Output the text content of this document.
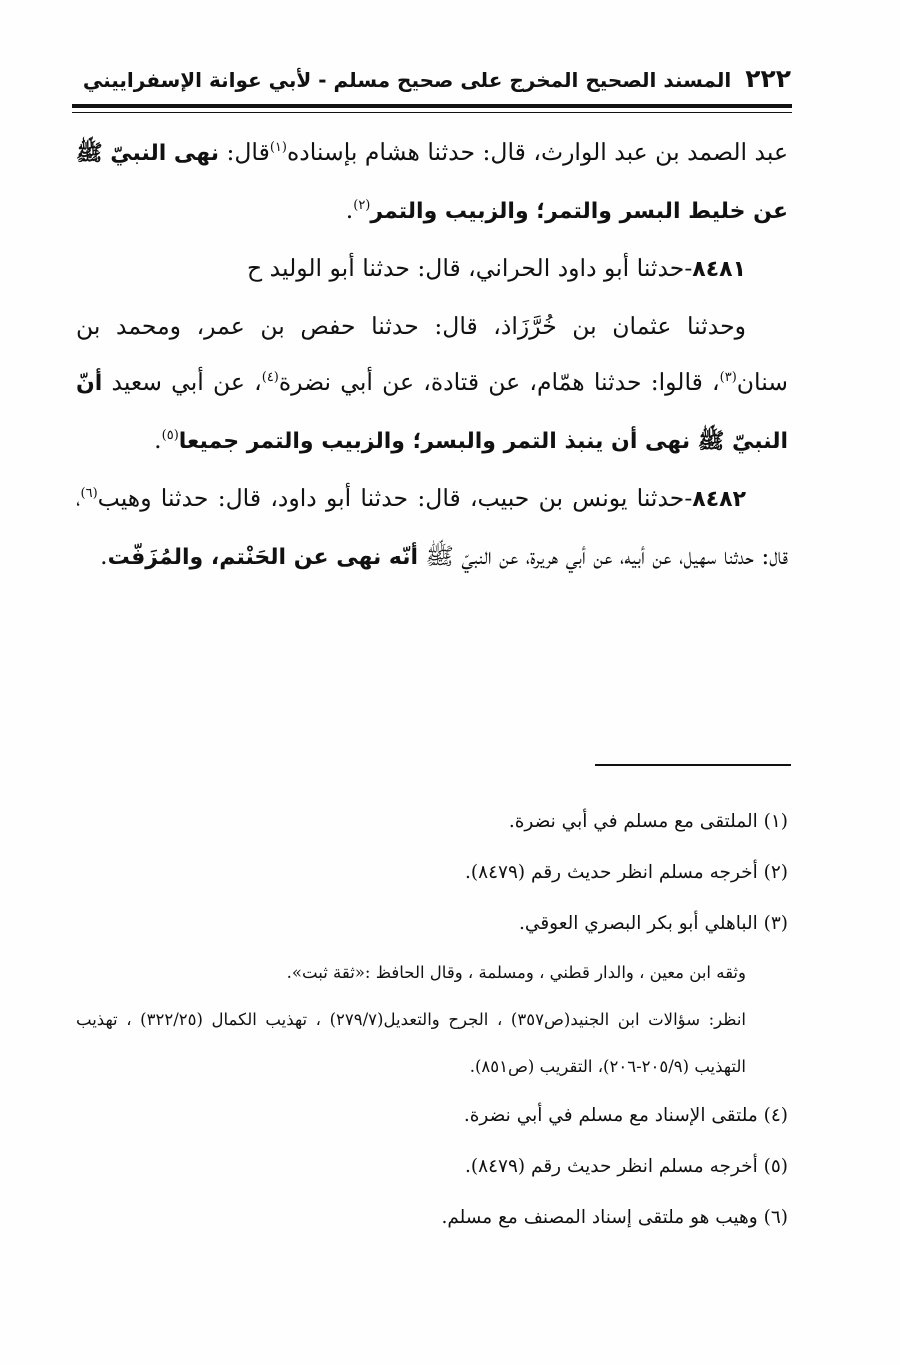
٢٢٢
المسند الصحيح المخرج على صحيح مسلم - لأبي عوانة الإسفراييني

عبد الصمد بن عبد الوارث، قال: حدثنا هشام بإسناده$^{(١)}$قال: نهى النبيّ ﷺ عن خليط البسر والتمر؛ والزبيب والتمر$^{(٢)}$.

٨٤٨١-حدثنا أبو داود الحراني، قال: حدثنا أبو الوليد ح

وحدثنا عثمان بن خُرَّزَاذ، قال: حدثنا حفص بن عمر، ومحمد بن سنان$^{(٣)}$، قالوا: حدثنا همّام، عن قتادة، عن أبي نضرة$^{(٤)}$، عن أبي سعيد أنّ النبيّ ﷺ نهى أن ينبذ التمر والبسر؛ والزبيب والتمر جميعا$^{(٥)}$.

٨٤٨٢-حدثنا يونس بن حبيب، قال: حدثنا أبو داود، قال: حدثنا وهيب$^{(٦)}$، قال: حدثنا سهيل، عن أبيه، عن أبي هريرة، عن النبيّ ﷺ أنّه نهى عن الحَنْتم، والمُزَفّت.

(١) الملتقى مع مسلم في أبي نضرة.

(٢) أخرجه مسلم انظر حديث رقم (٨٤٧٩).

(٣) الباهلي أبو بكر البصري العوقي.

وثقه ابن معين ، والدار قطني ، ومسلمة ، وقال الحافظ :«ثقة ثبت».

انظر: سؤالات ابن الجنيد(ص٣٥٧) ، الجرح والتعديل(٢٧٩/٧) ، تهذيب الكمال (٣٢٢/٢٥) ، تهذيب التهذيب (٢٠٥/٩-٢٠٦)، التقريب (ص٨٥١).

(٤) ملتقى الإسناد مع مسلم في أبي نضرة.

(٥) أخرجه مسلم انظر حديث رقم (٨٤٧٩).

(٦) وهيب هو ملتقى إسناد المصنف مع مسلم.
